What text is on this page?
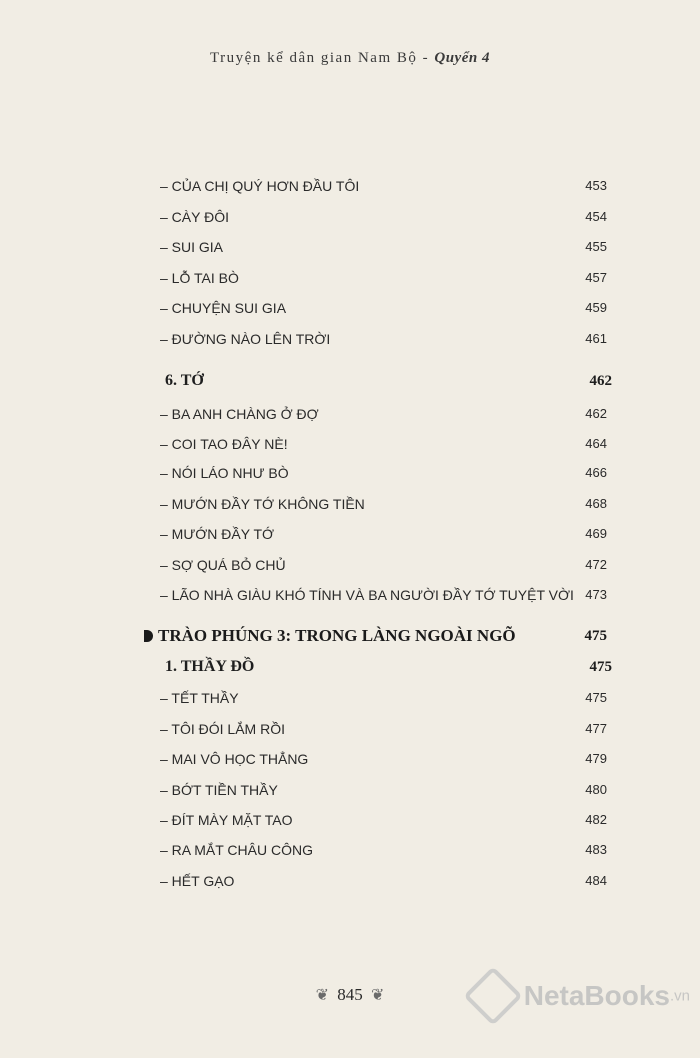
Truyện kể dân gian Nam Bộ - Quyển 4
– CỦA CHỊ QUÝ HƠN ĐẦU TÔI	453
– CÀY ĐÔI	454
– SUI GIA	455
– LỖ TAI BÒ	457
– CHUYỆN SUI GIA	459
– ĐƯỜNG NÀO LÊN TRỜI	461
6. TỚ	462
– BA ANH CHÀNG Ở ĐỢ	462
– COI TAO ĐÂY NÈ!	464
– NÓI LÁO NHƯ BÒ	466
– MƯỚN ĐẦY TỚ KHÔNG TIỀN	468
– MƯỚN ĐẦY TỚ	469
– SỢ QUÁ BỎ CHỦ	472
– LÃO NHÀ GIÀU KHÓ TÍNH VÀ BA NGƯỜI ĐẦY TỚ TUYỆT VỜI 473
TRÀO PHÚNG 3: TRONG LÀNG NGOÀI NGÕ	475
1. THẦY ĐỒ	475
– TẾT THẦY	475
– TÔI ĐÓI LẮM RỒI	477
– MAI VÔ HỌC THẲNG	479
– BỚT TIỀN THẦY	480
– ĐÍT MÀY MẶT TAO	482
– RA MẮT CHÂU CÔNG	483
– HẾT GẠO	484
❦ 845 ❦	NetaBooks.vn
